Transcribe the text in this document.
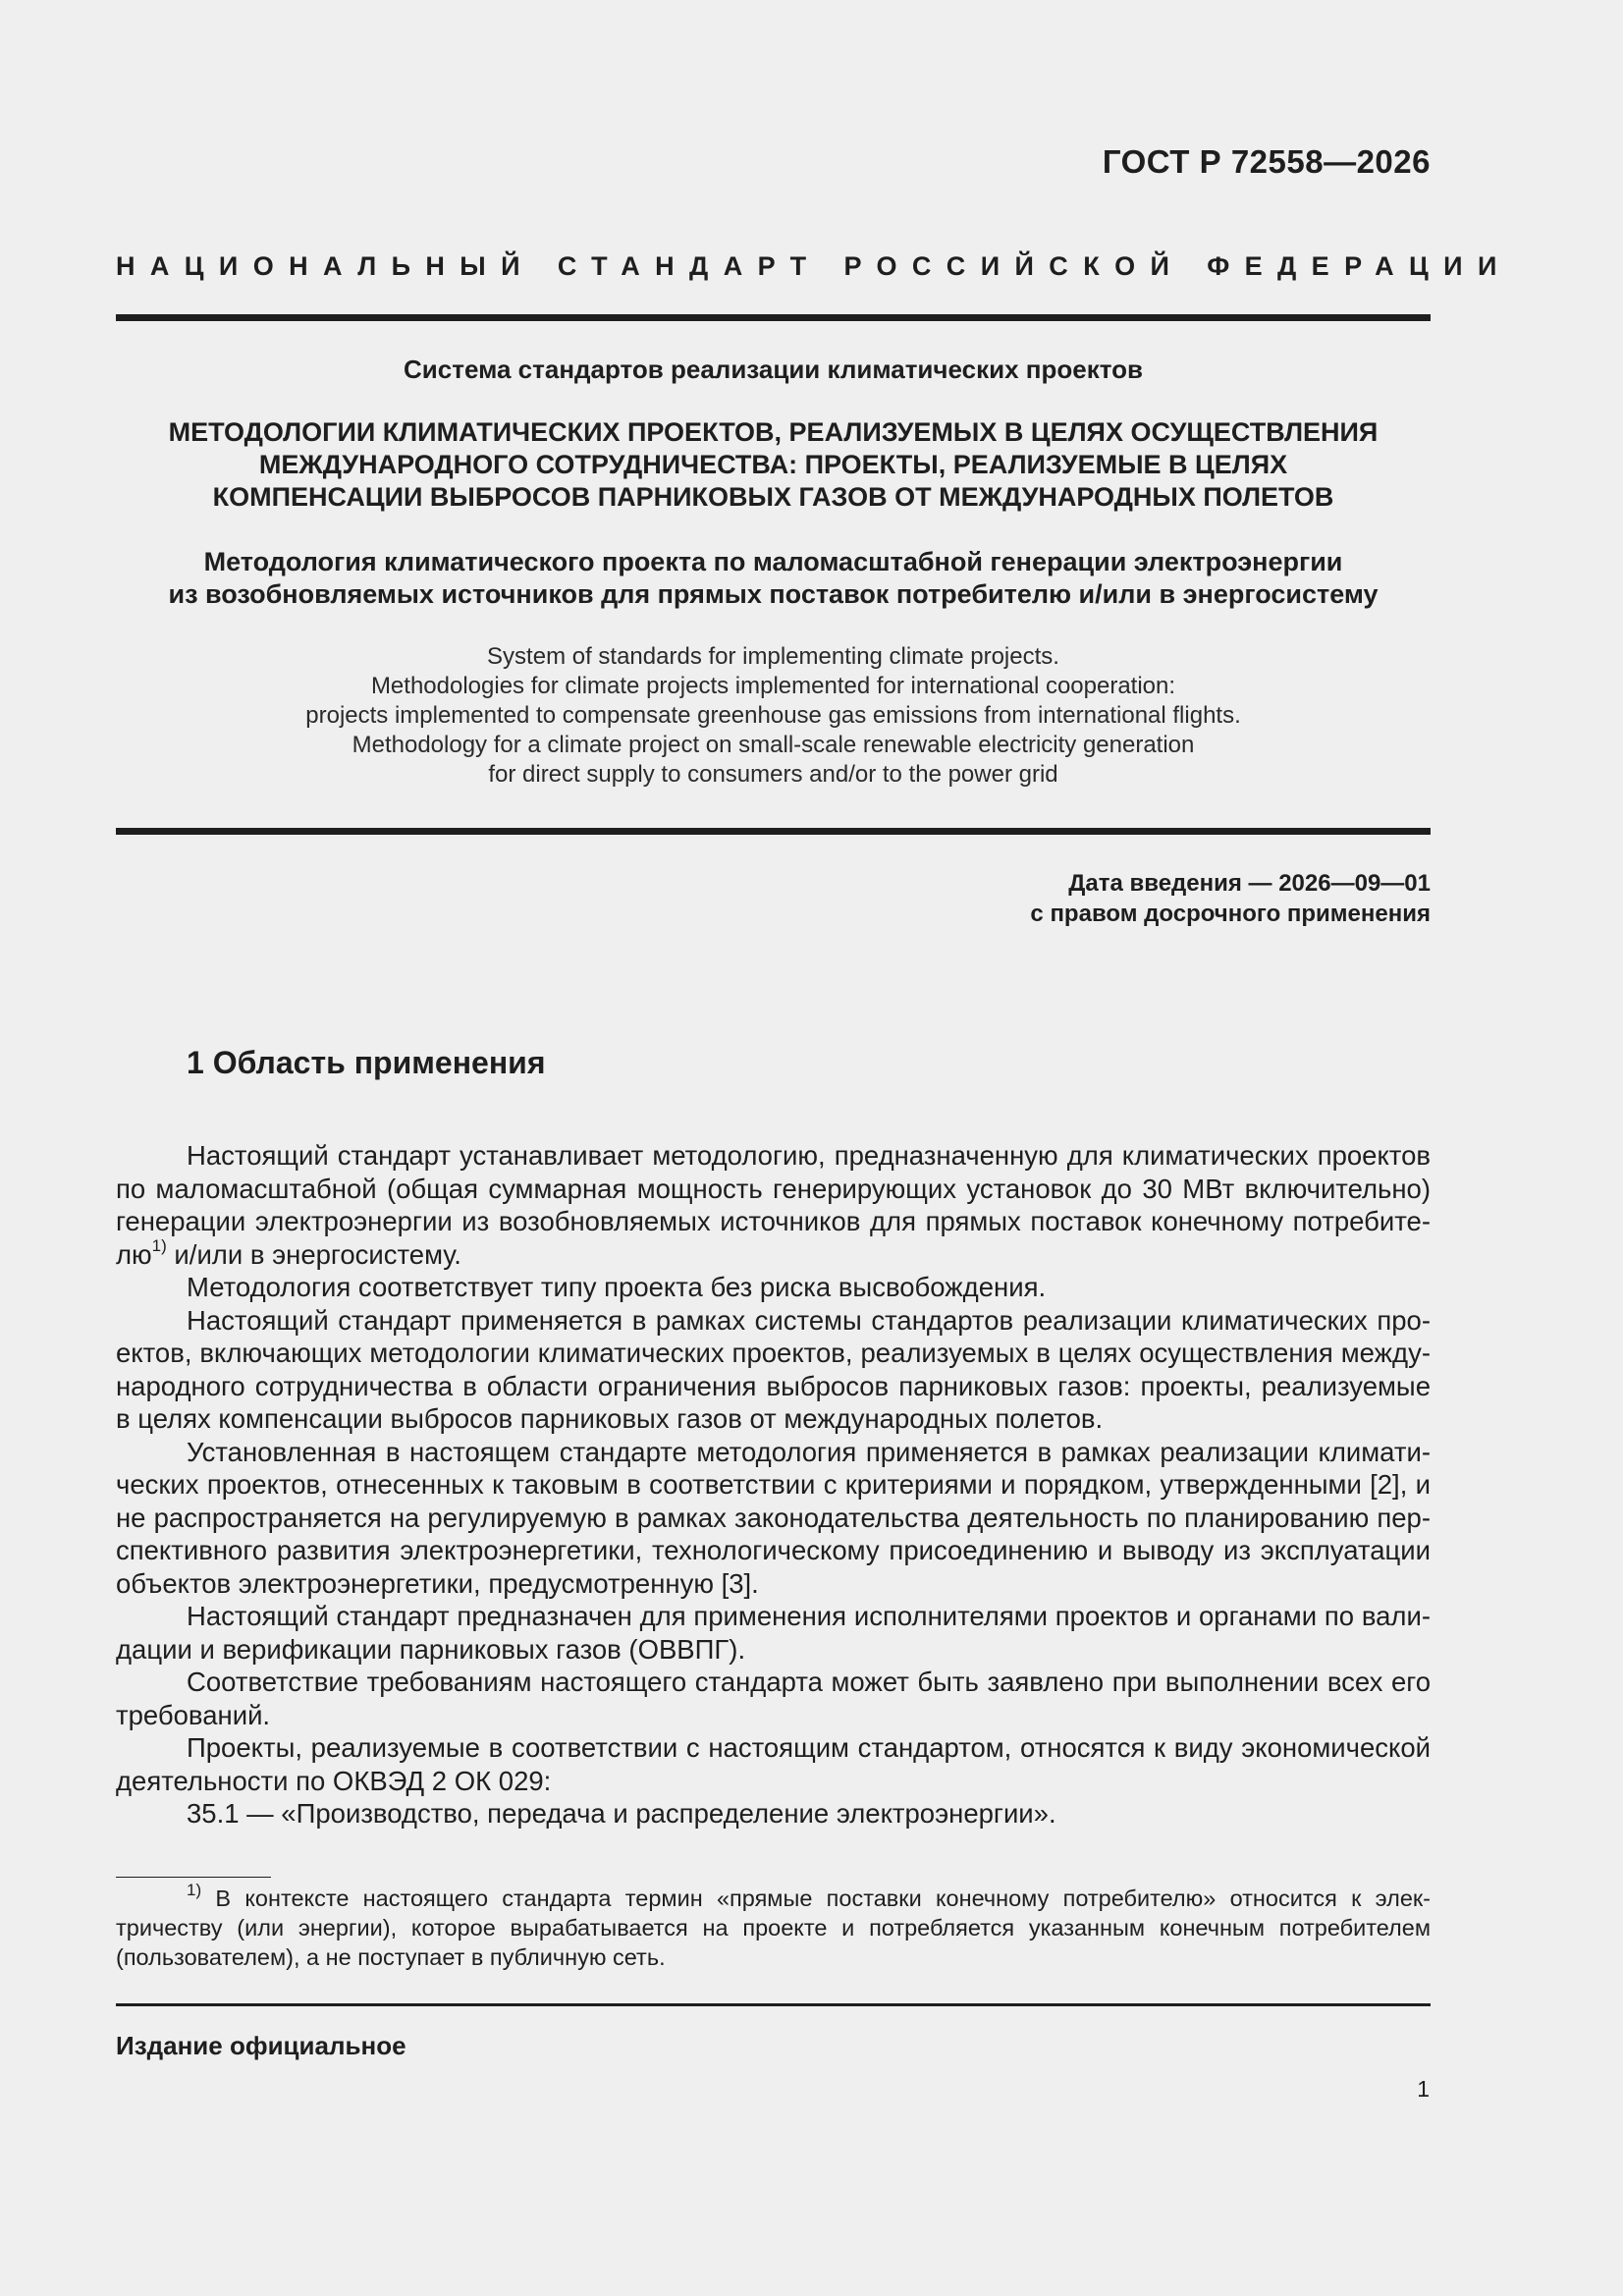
ГОСТ Р 72558—2026
НАЦИОНАЛЬНЫЙ СТАНДАРТ РОССИЙСКОЙ ФЕДЕРАЦИИ
Система стандартов реализации климатических проектов
МЕТОДОЛОГИИ КЛИМАТИЧЕСКИХ ПРОЕКТОВ, РЕАЛИЗУЕМЫХ В ЦЕЛЯХ ОСУЩЕСТВЛЕНИЯ
МЕЖДУНАРОДНОГО СОТРУДНИЧЕСТВА: ПРОЕКТЫ, РЕАЛИЗУЕМЫЕ В ЦЕЛЯХ
КОМПЕНСАЦИИ ВЫБРОСОВ ПАРНИКОВЫХ ГАЗОВ ОТ МЕЖДУНАРОДНЫХ ПОЛЕТОВ
Методология климатического проекта по маломасштабной генерации электроэнергии
из возобновляемых источников для прямых поставок потребителю и/или в энергосистему
System of standards for implementing climate projects.
Methodologies for climate projects implemented for international cooperation:
projects implemented to compensate greenhouse gas emissions from international flights.
Methodology for a climate project on small-scale renewable electricity generation
for direct supply to consumers and/or to the power grid
Дата введения — 2026—09—01
с правом досрочного применения
1 Область применения

Настоящий стандарт устанавливает методологию, предназначенную для климатических проектов по маломасштабной (общая суммарная мощность генерирующих установок до 30 МВт включительно) генерации электроэнергии из возобновляемых источников для прямых поставок конечному потребителю$^{1)}$ и/или в энергосистему.

Методология соответствует типу проекта без риска высвобождения.

Настоящий стандарт применяется в рамках системы стандартов реализации климатических проектов, включающих методологии климатических проектов, реализуемых в целях осуществления международного сотрудничества в области ограничения выбросов парниковых газов: проекты, реализуемые в целях компенсации выбросов парниковых газов от международных полетов.

Установленная в настоящем стандарте методология применяется в рамках реализации климатических проектов, отнесенных к таковым в соответствии с критериями и порядком, утвержденными [2], и не распространяется на регулируемую в рамках законодательства деятельность по планированию перспективного развития электроэнергетики, технологическому присоединению и выводу из эксплуатации объектов электроэнергетики, предусмотренную [3].

Настоящий стандарт предназначен для применения исполнителями проектов и органами по валидации и верификации парниковых газов (ОВВПГ).

Соответствие требованиям настоящего стандарта может быть заявлено при выполнении всех его требований.

Проекты, реализуемые в соответствии с настоящим стандартом, относятся к виду экономической деятельности по ОКВЭД 2 ОК 029:

35.1 — «Производство, передача и распределение электроэнергии».

$^{1)}$ В контексте настоящего стандарта термин «прямые поставки конечному потребителю» относится к электричеству (или энергии), которое вырабатывается на проекте и потребляется указанным конечным потребителем (пользователем), а не поступает в публичную сеть.

Издание официальное
1
